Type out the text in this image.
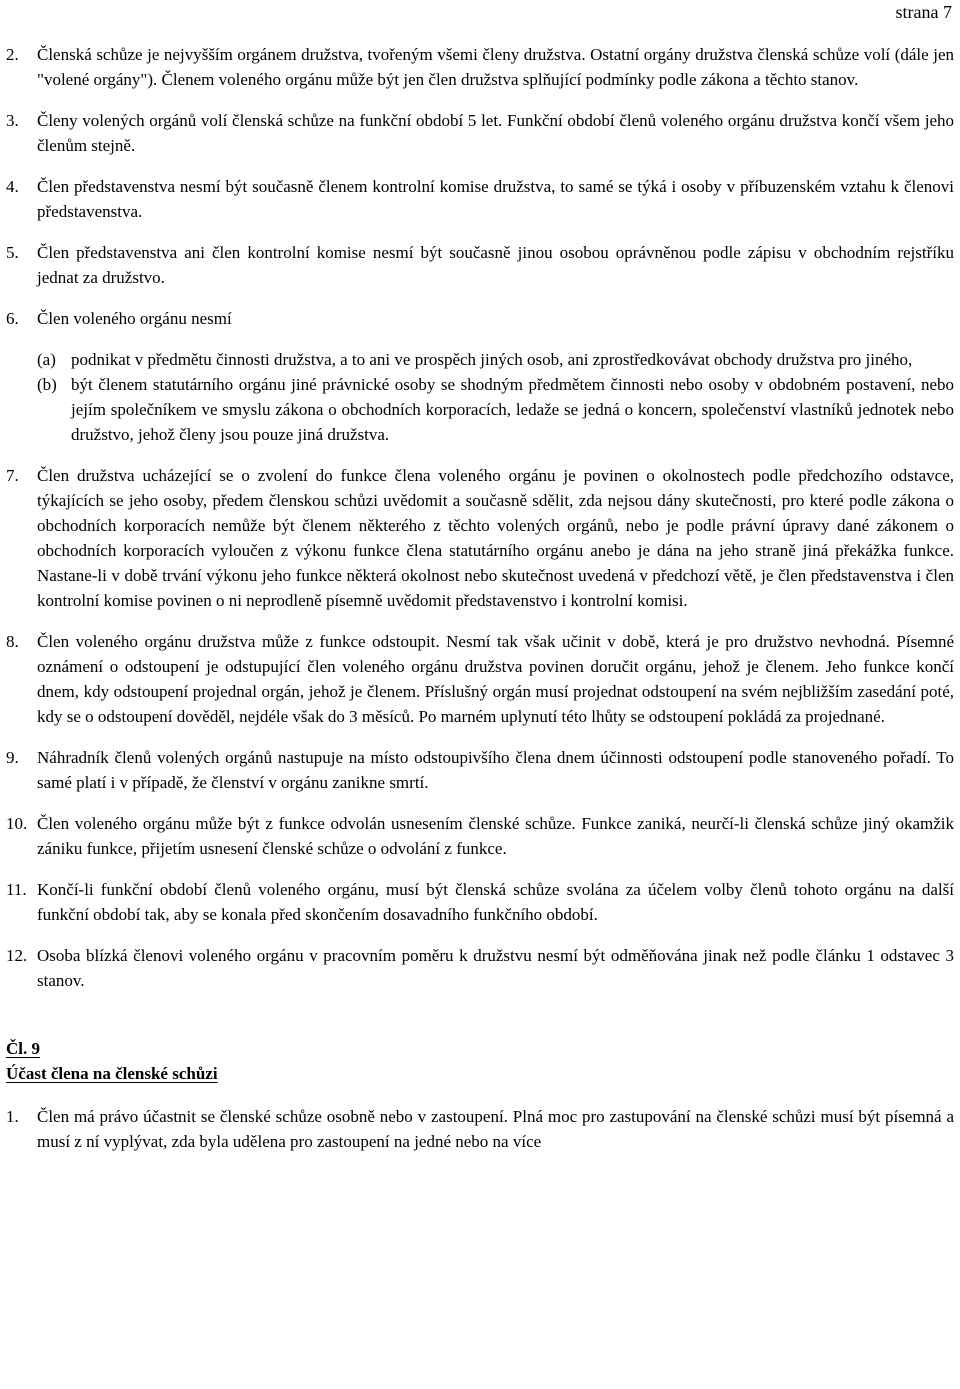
strana 7
2.	Členská schůze je nejvyšším orgánem družstva, tvořeným všemi členy družstva. Ostatní orgány družstva členská schůze volí (dále jen "volené orgány"). Členem voleného orgánu může být jen člen družstva splňující podmínky podle zákona a těchto stanov.
3.	Členy volených orgánů volí členská schůze na funkční období 5 let. Funkční období členů voleného orgánu družstva končí všem jeho členům stejně.
4.	Člen představenstva nesmí být současně členem kontrolní komise družstva, to samé se týká i osoby v příbuzenském vztahu k členovi představenstva.
5.	Člen představenstva ani člen kontrolní komise nesmí být současně jinou osobou oprávněnou podle zápisu v obchodním rejstříku jednat za družstvo.
6.	Člen voleného orgánu nesmí
(a) podnikat v předmětu činnosti družstva, a to ani ve prospěch jiných osob, ani zprostředkovávat obchody družstva pro jiného,
(b) být členem statutárního orgánu jiné právnické osoby se shodným předmětem činnosti nebo osoby v obdobném postavení, nebo jejím společníkem ve smyslu zákona o obchodních korporacích, ledaže se jedná o koncern, společenství vlastníků jednotek nebo družstvo, jehož členy jsou pouze jiná družstva.
7.	Člen družstva ucházející se o zvolení do funkce člena voleného orgánu je povinen o okolnostech podle předchozího odstavce, týkajících se jeho osoby, předem členskou schůzi uvědomit a současně sdělit, zda nejsou dány skutečnosti, pro které podle zákona o obchodních korporacích nemůže být členem některého z těchto volených orgánů, nebo je podle právní úpravy dané zákonem o obchodních korporacích vyloučen z výkonu funkce člena statutárního orgánu anebo je dána na jeho straně jiná překážka funkce. Nastane-li v době trvání výkonu jeho funkce některá okolnost nebo skutečnost uvedená v předchozí větě, je člen představenstva i člen kontrolní komise povinen o ni neprodleně písemně uvědomit představenstvo i kontrolní komisi.
8.	Člen voleného orgánu družstva může z funkce odstoupit. Nesmí tak však učinit v době, která je pro družstvo nevhodná. Písemné oznámení o odstoupení je odstupující člen voleného orgánu družstva povinen doručit orgánu, jehož je členem. Jeho funkce končí dnem, kdy odstoupení projednal orgán, jehož je členem. Příslušný orgán musí projednat odstoupení na svém nejbližším zasedání poté, kdy se o odstoupení dověděl, nejdéle však do 3 měsíců. Po marném uplynutí této lhůty se odstoupení pokládá za projednané.
9.	Náhradník členů volených orgánů nastupuje na místo odstoupivšího člena dnem účinnosti odstoupení podle stanoveného pořadí. To samé platí i v případě, že členství v orgánu zanikne smrtí.
10. Člen voleného orgánu může být z funkce odvolán usnesením členské schůze. Funkce zaniká, neurčí-li členská schůze jiný okamžik zániku funkce, přijetím usnesení členské schůze o odvolání z funkce.
11. Končí-li funkční období členů voleného orgánu, musí být členská schůze svolána za účelem volby členů tohoto orgánu na další funkční období tak, aby se konala před skončením dosavadního funkčního období.
12. Osoba blízká členovi voleného orgánu v pracovním poměru k družstvu nesmí být odměňována jinak než podle článku 1 odstavec 3 stanov.
Čl. 9
Účast člena na členské schůzi
1.	Člen má právo účastnit se členské schůze osobně nebo v zastoupení. Plná moc pro zastupování na členské schůzi musí být písemná a musí z ní vyplývat, zda byla udělena pro zastoupení na jedné nebo na více
